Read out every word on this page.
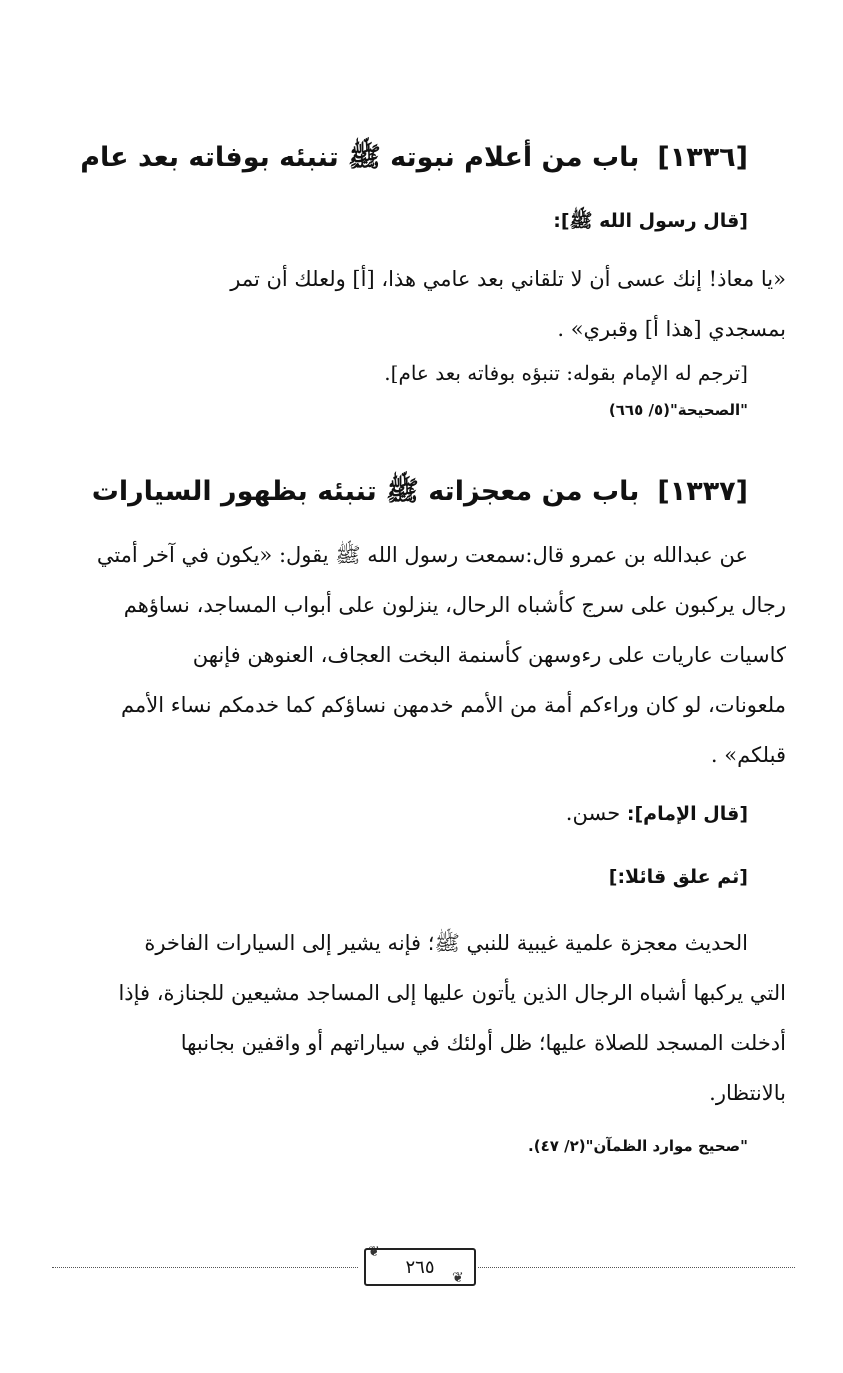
[١٣٣٦]باب من أعلام نبوته ﷺ تنبئه بوفاته بعد عام
[قال رسول الله ﷺ]:
«يا معاذ! إنك عسى أن لا تلقاني بعد عامي هذا، [أ] ولعلك أن تمر
بمسجدي [هذا أ] وقبري» .
[ترجم له الإمام بقوله: تنبؤه بوفاته بعد عام].
"الصحيحة"(٥/ ٦٦٥)
[١٣٣٧]باب من معجزاته ﷺ تنبئه بظهور السيارات
عن عبدالله بن عمرو قال:سمعت رسول الله ﷺ يقول: «يكون في آخر أمتي
رجال يركبون على سرج كأشباه الرحال، ينزلون على أبواب المساجد، نساؤهم
كاسيات عاريات على رءوسهن كأسنمة البخت العجاف، العنوهن فإنهن
ملعونات، لو كان وراءكم أمة من الأمم خدمهن نساؤكم كما خدمكم نساء الأمم
قبلكم» .
[قال الإمام]: حسن.
[ثم علق قائلا:]
الحديث معجزة علمية غيبية للنبي ﷺ؛ فإنه يشير إلى السيارات الفاخرة
التي يركبها أشباه الرجال الذين يأتون عليها إلى المساجد مشيعين للجنازة، فإذا
أدخلت المسجد للصلاة عليها؛ ظل أولئك في سياراتهم أو واقفين بجانبها
بالانتظار.
"صحيح موارد الظمآن"(٢/ ٤٧).
❦
❦
٢٦٥
